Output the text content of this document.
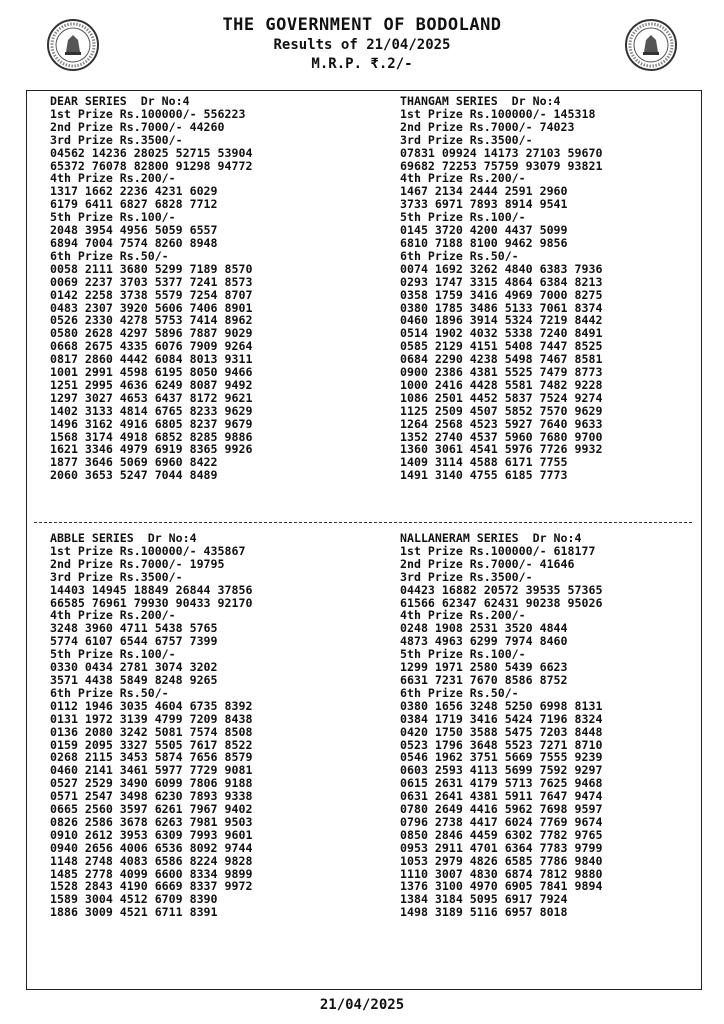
THE GOVERNMENT OF BODOLAND
Results of 21/04/2025
M.R.P. ₹.2/-
DEAR SERIES  Dr No:4
1st Prize Rs.100000/- 556223
2nd Prize Rs.7000/- 44260
3rd Prize Rs.3500/-
04562 14236 28025 52715 53904
65372 76078 82800 91298 94772
4th Prize Rs.200/-
1317 1662 2236 4231 6029
6179 6411 6827 6828 7712
5th Prize Rs.100/-
2048 3954 4956 5059 6557
6894 7004 7574 8260 8948
6th Prize Rs.50/-
0058 2111 3680 5299 7189 8570
0069 2237 3703 5377 7241 8573
0142 2258 3738 5579 7254 8707
0483 2307 3920 5606 7406 8901
0526 2330 4278 5753 7414 8962
0580 2628 4297 5896 7887 9029
0668 2675 4335 6076 7909 9264
0817 2860 4442 6084 8013 9311
1001 2991 4598 6195 8050 9466
1251 2995 4636 6249 8087 9492
1297 3027 4653 6437 8172 9621
1402 3133 4814 6765 8233 9629
1496 3162 4916 6805 8237 9679
1568 3174 4918 6852 8285 9886
1621 3346 4979 6919 8365 9926
1877 3646 5069 6960 8422
2060 3653 5247 7044 8489
THANGAM SERIES  Dr No:4
1st Prize Rs.100000/- 145318
2nd Prize Rs.7000/- 74023
3rd Prize Rs.3500/-
07831 09924 14173 27103 59670
69682 72253 75759 93079 93821
4th Prize Rs.200/-
1467 2134 2444 2591 2960
3733 6971 7893 8914 9541
5th Prize Rs.100/-
0145 3720 4200 4437 5099
6810 7188 8100 9462 9856
6th Prize Rs.50/-
0074 1692 3262 4840 6383 7936
0293 1747 3315 4864 6384 8213
0358 1759 3416 4969 7000 8275
0380 1785 3486 5133 7061 8374
0460 1896 3914 5324 7219 8442
0514 1902 4032 5338 7240 8491
0585 2129 4151 5408 7447 8525
0684 2290 4238 5498 7467 8581
0900 2386 4381 5525 7479 8773
1000 2416 4428 5581 7482 9228
1086 2501 4452 5837 7524 9274
1125 2509 4507 5852 7570 9629
1264 2568 4523 5927 7640 9633
1352 2740 4537 5960 7680 9700
1360 3061 4541 5976 7726 9932
1409 3114 4588 6171 7755
1491 3140 4755 6185 7773
ABBLE SERIES  Dr No:4
1st Prize Rs.100000/- 435867
2nd Prize Rs.7000/- 19795
3rd Prize Rs.3500/-
14403 14945 18849 26844 37856
66585 76961 79930 90433 92170
4th Prize Rs.200/-
3248 3960 4711 5438 5765
5774 6107 6544 6757 7399
5th Prize Rs.100/-
0330 0434 2781 3074 3202
3571 4438 5849 8248 9265
6th Prize Rs.50/-
0112 1946 3035 4604 6735 8392
0131 1972 3139 4799 7209 8438
0136 2080 3242 5081 7574 8508
0159 2095 3327 5505 7617 8522
0268 2115 3453 5874 7656 8579
0460 2141 3461 5977 7729 9081
0527 2529 3490 6099 7806 9188
0571 2547 3498 6230 7893 9338
0665 2560 3597 6261 7967 9402
0826 2586 3678 6263 7981 9503
0910 2612 3953 6309 7993 9601
0940 2656 4006 6536 8092 9744
1148 2748 4083 6586 8224 9828
1485 2778 4099 6600 8334 9899
1528 2843 4190 6669 8337 9972
1589 3004 4512 6709 8390
1886 3009 4521 6711 8391
NALLANERAM SERIES  Dr No:4
1st Prize Rs.100000/- 618177
2nd Prize Rs.7000/- 41646
3rd Prize Rs.3500/-
04423 16882 20572 39535 57365
61566 62347 62431 90238 95026
4th Prize Rs.200/-
0248 1908 2531 3520 4844
4873 4963 6299 7974 8460
5th Prize Rs.100/-
1299 1971 2580 5439 6623
6631 7231 7670 8586 8752
6th Prize Rs.50/-
0380 1656 3248 5250 6998 8131
0384 1719 3416 5424 7196 8324
0420 1750 3588 5475 7203 8448
0523 1796 3648 5523 7271 8710
0546 1962 3751 5669 7555 9239
0603 2593 4113 5699 7592 9297
0615 2631 4179 5713 7625 9468
0631 2641 4381 5911 7647 9474
0780 2649 4416 5962 7698 9597
0796 2738 4417 6024 7769 9674
0850 2846 4459 6302 7782 9765
0953 2911 4701 6364 7783 9799
1053 2979 4826 6585 7786 9840
1110 3007 4830 6874 7812 9880
1376 3100 4970 6905 7841 9894
1384 3184 5095 6917 7924
1498 3189 5116 6957 8018
21/04/2025
